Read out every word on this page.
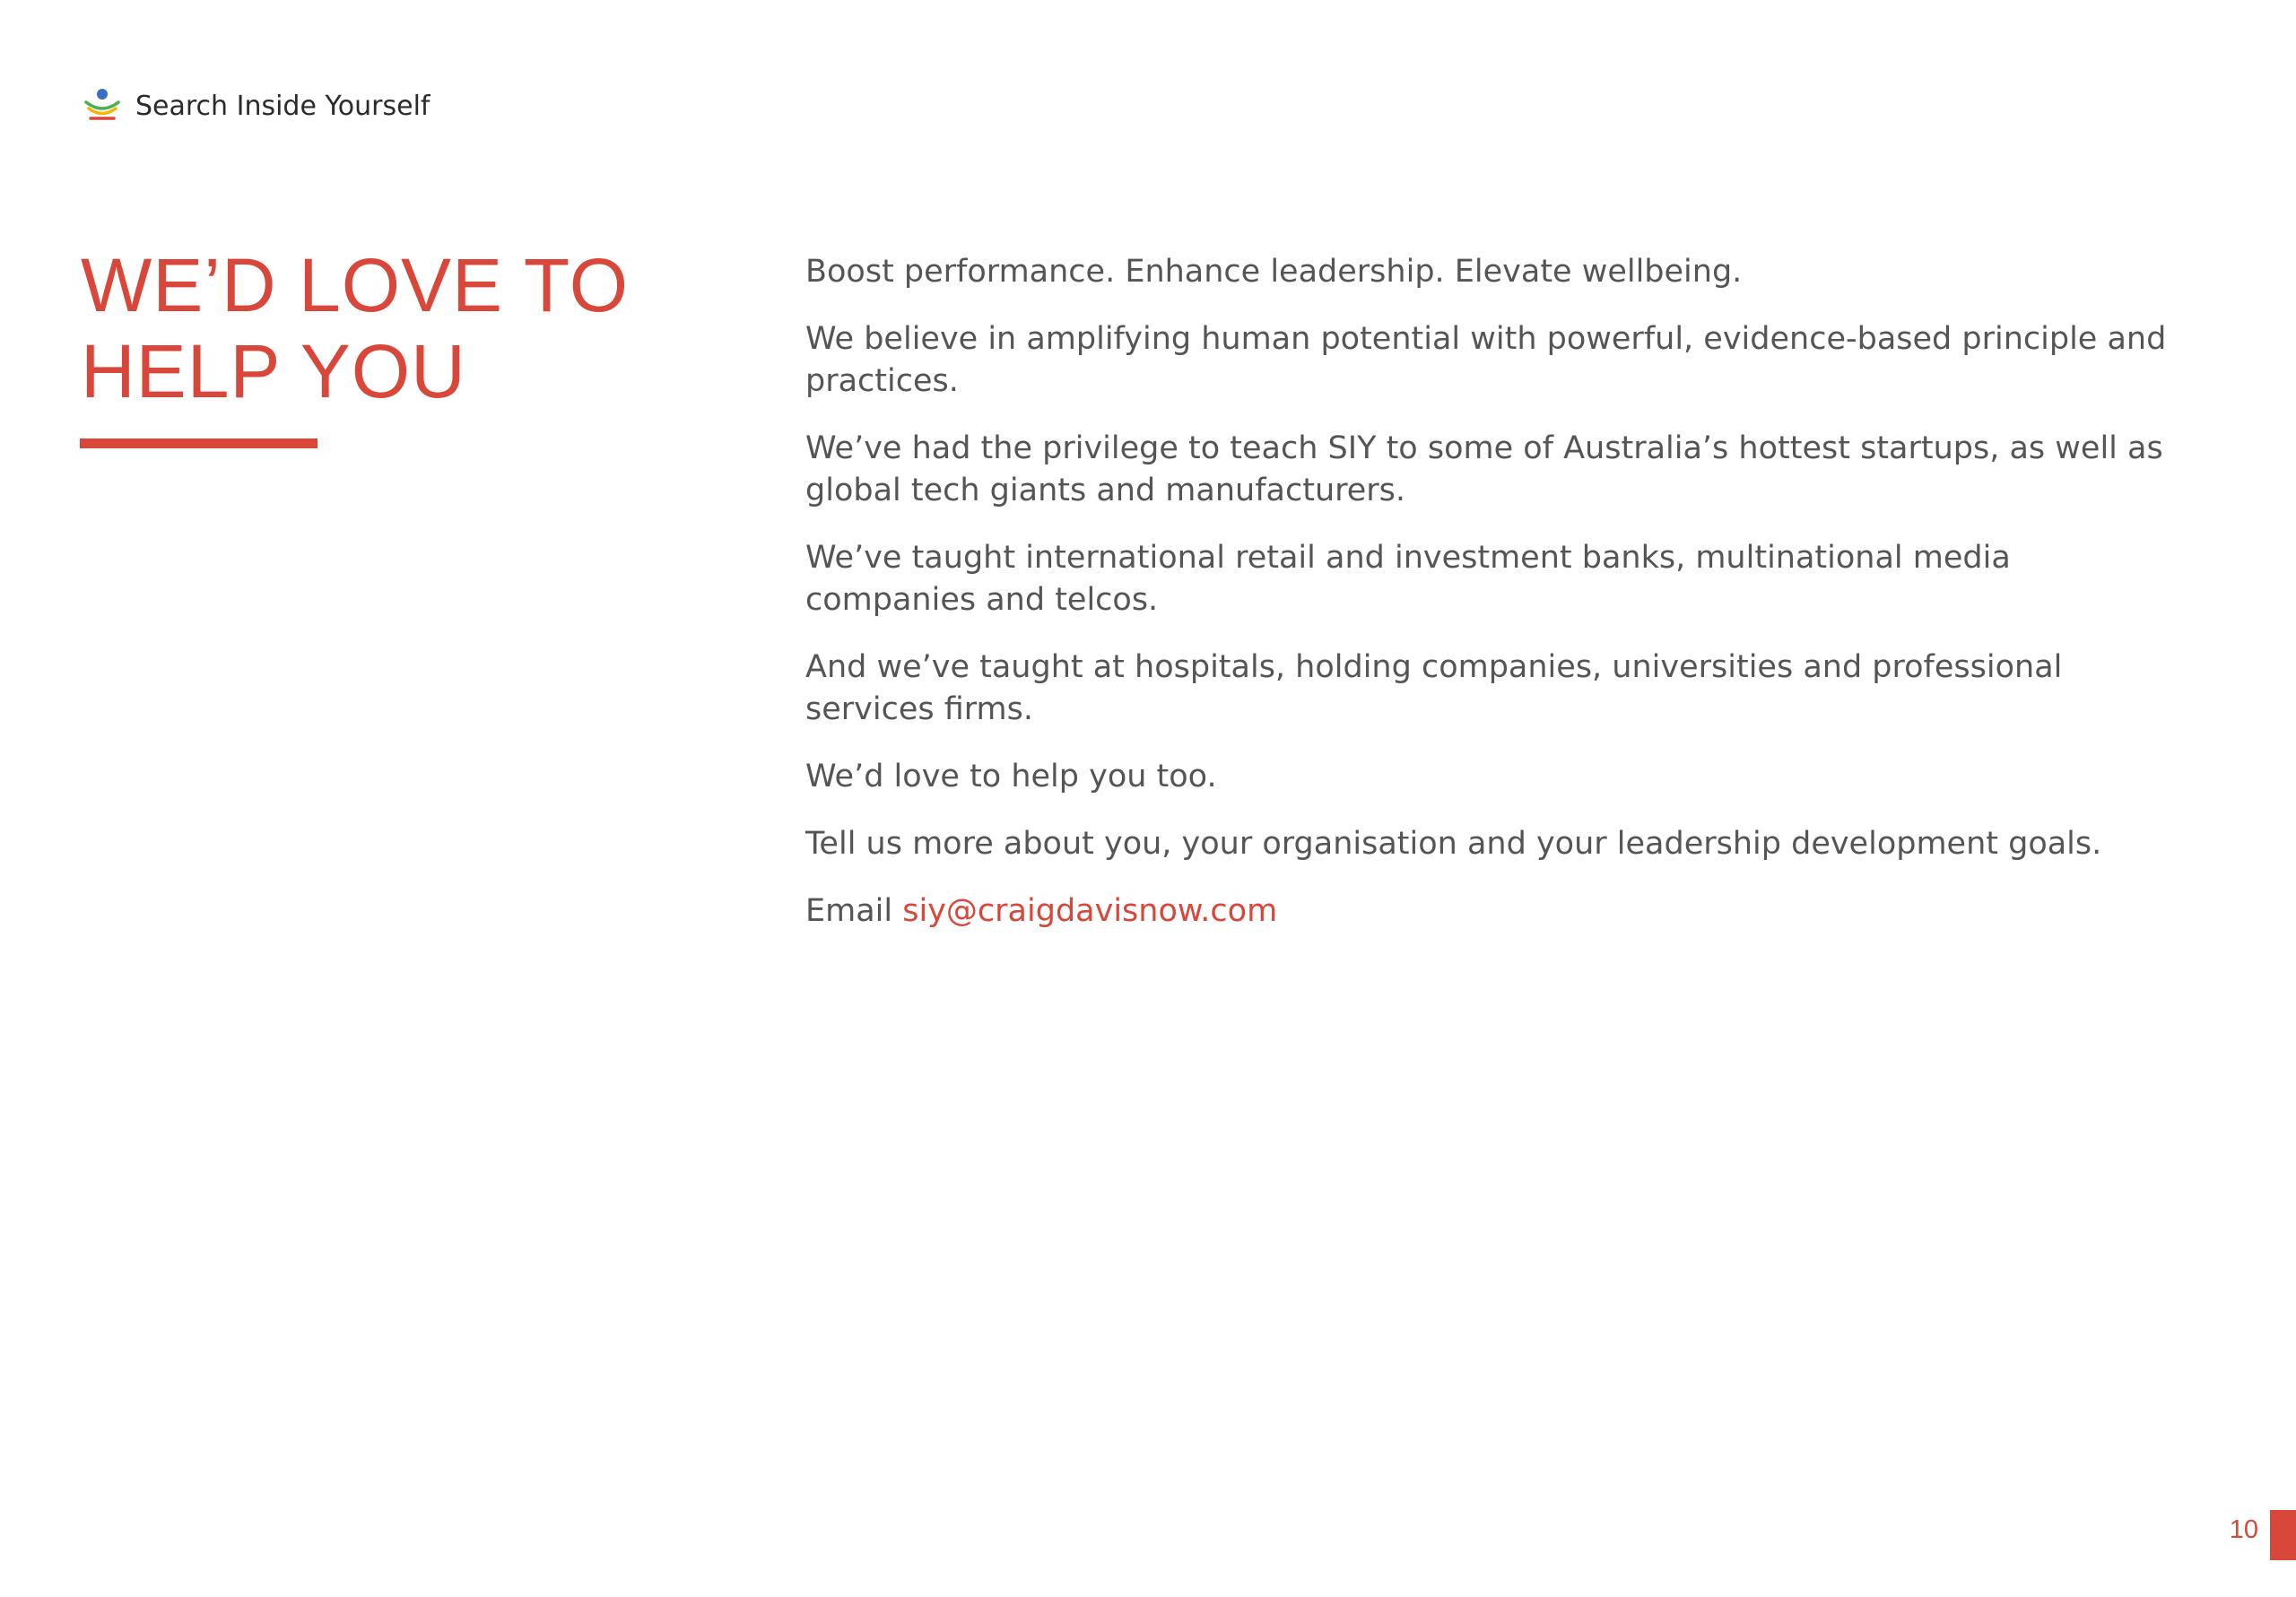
Search Inside Yourself
WE’D LOVE TO
HELP YOU

Boost performance. Enhance leadership. Elevate wellbeing.

We believe in amplifying human potential with powerful, evidence-based principle and practices.

We’ve had the privilege to teach SIY to some of Australia’s hottest startups, as well as global tech giants and manufacturers.

We’ve taught international retail and investment banks, multinational media companies and telcos.

And we’ve taught at hospitals, holding companies, universities and professional services firms.

We’d love to help you too.

Tell us more about you, your organisation and your leadership development goals.

Email siy@craigdavisnow.com

10
